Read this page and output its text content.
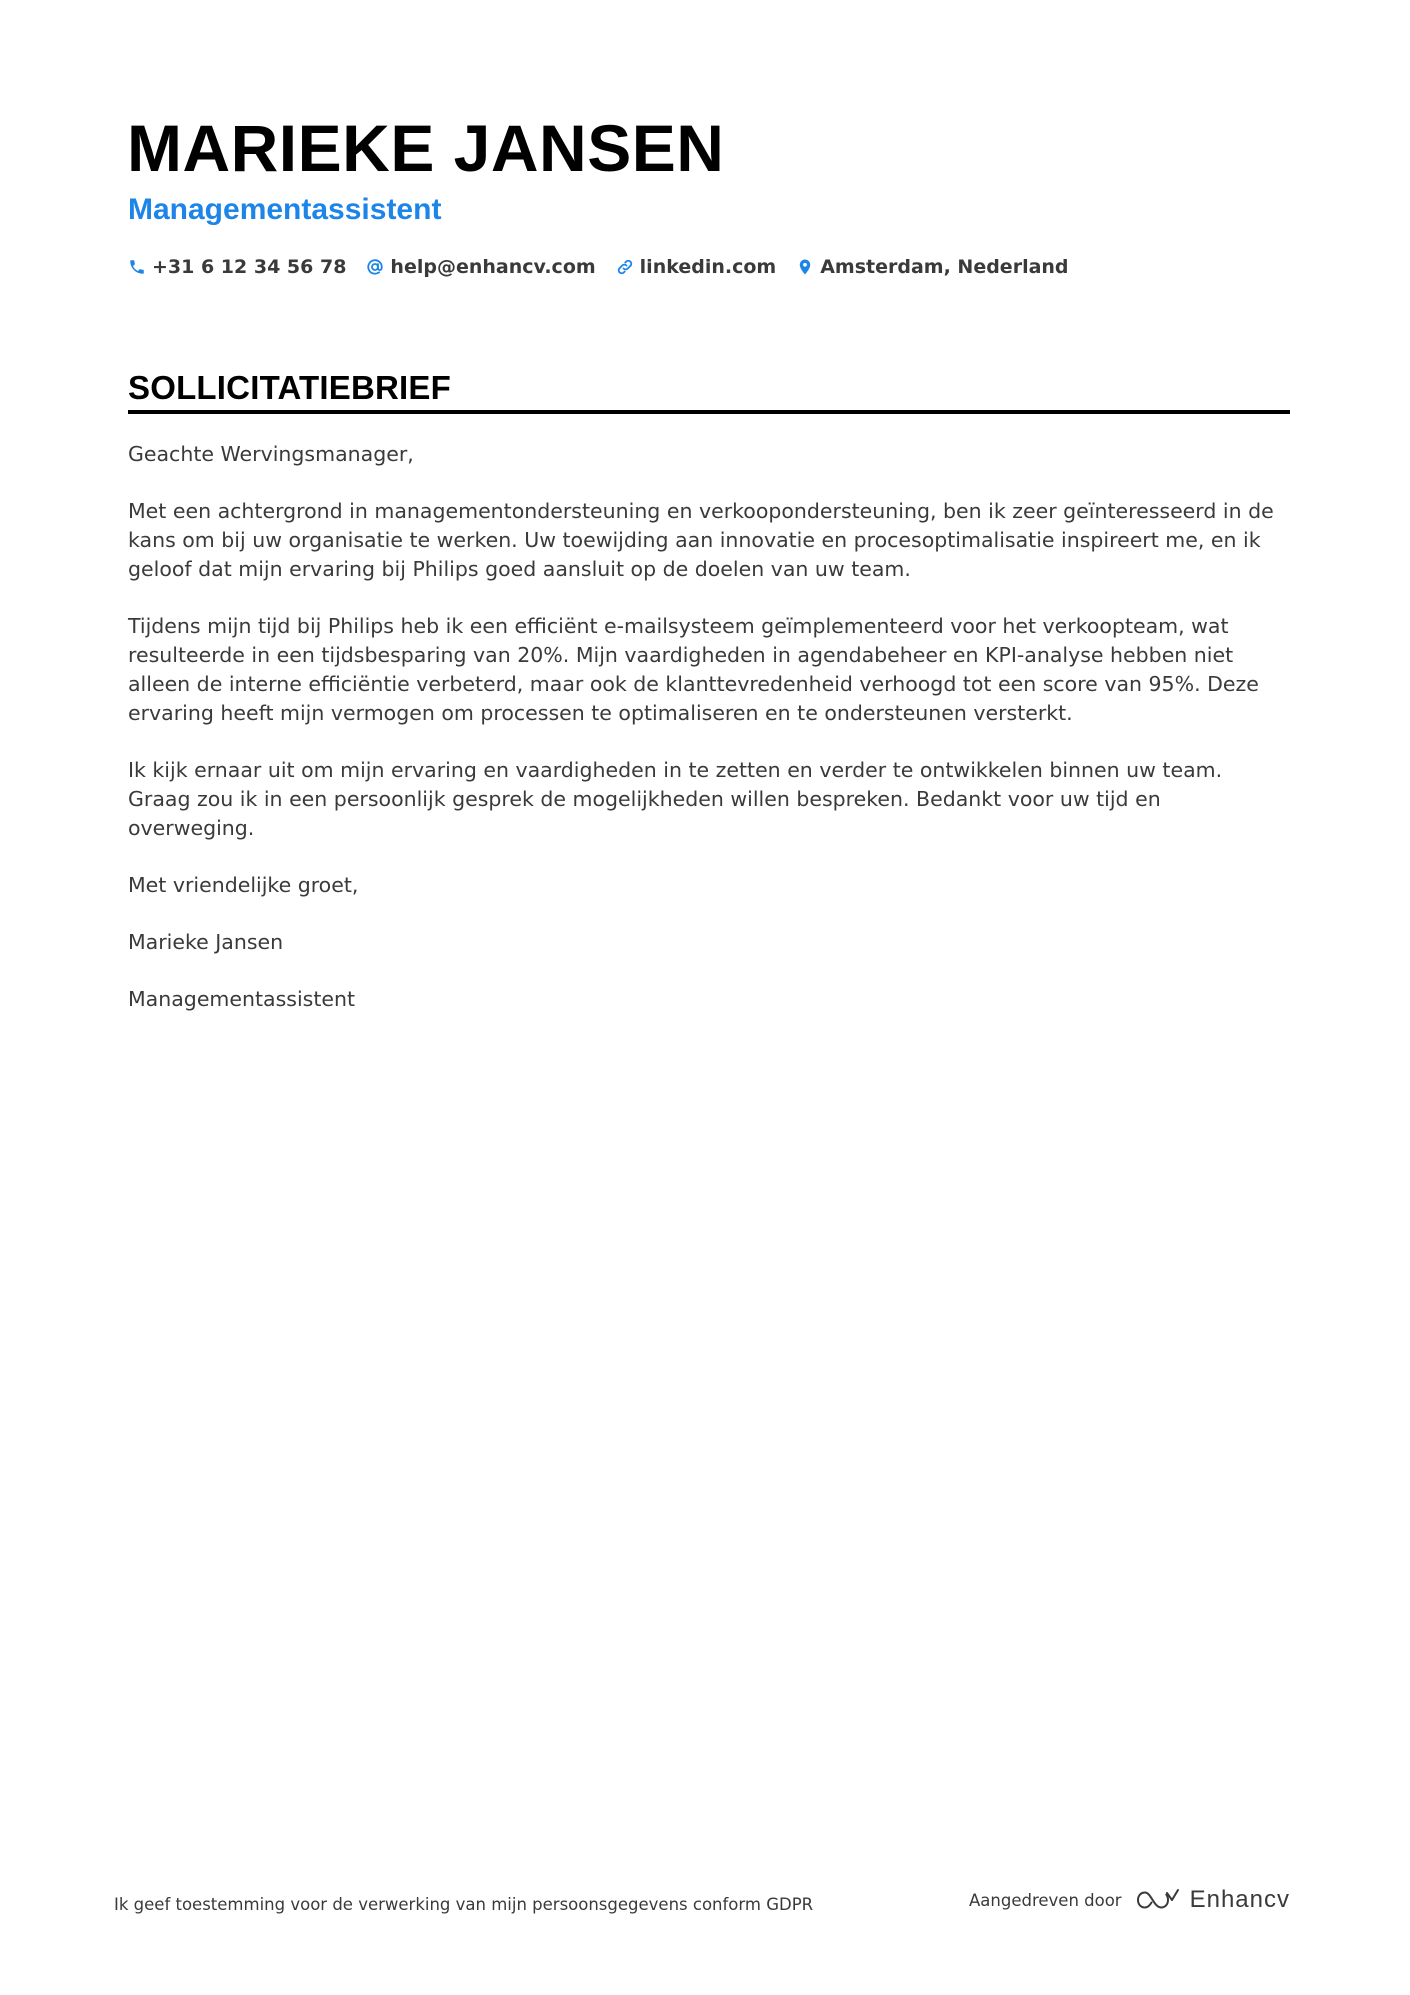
MARIEKE JANSEN
Managementassistent
+31 6 12 34 56 78 help@enhancv.com linkedin.com Amsterdam, Nederland
SOLLICITATIEBRIEF

Geachte Wervingsmanager,

Met een achtergrond in managementondersteuning en verkoopondersteuning, ben ik zeer geïnteresseerd in de kans om bij uw organisatie te werken. Uw toewijding aan innovatie en procesoptimalisatie inspireert me, en ik geloof dat mijn ervaring bij Philips goed aansluit op de doelen van uw team.

Tijdens mijn tijd bij Philips heb ik een efficiënt e-mailsysteem geïmplementeerd voor het verkoopteam, wat resulteerde in een tijdsbesparing van 20%. Mijn vaardigheden in agendabeheer en KPI-analyse hebben niet alleen de interne efficiëntie verbeterd, maar ook de klanttevredenheid verhoogd tot een score van 95%. Deze ervaring heeft mijn vermogen om processen te optimaliseren en te ondersteunen versterkt.

Ik kijk ernaar uit om mijn ervaring en vaardigheden in te zetten en verder te ontwikkelen binnen uw team. Graag zou ik in een persoonlijk gesprek de mogelijkheden willen bespreken. Bedankt voor uw tijd en overweging.

Met vriendelijke groet,

Marieke Jansen

Managementassistent

Ik geef toestemming voor de verwerking van mijn persoonsgegevens conform GDPR	Aangedreven door	Enhancv
